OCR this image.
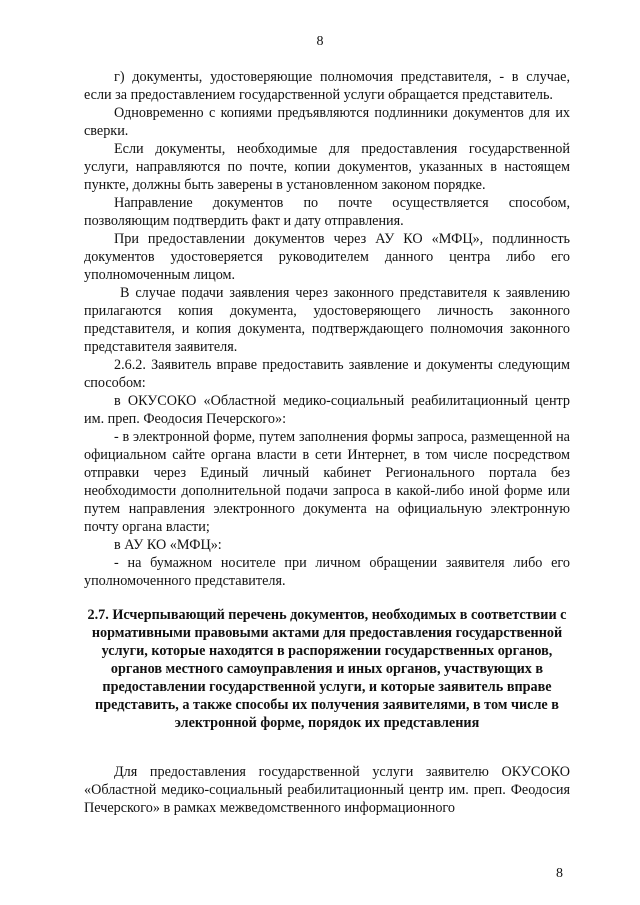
8

г) документы, удостоверяющие полномочия представителя, - в случае, если за предоставлением государственной услуги обращается представитель.

Одновременно с копиями предъявляются подлинники документов для их сверки.

Если документы, необходимые для предоставления государственной услуги, направляются по почте, копии документов, указанных в настоящем пункте, должны быть заверены в установленном законом порядке.

Направление документов по почте осуществляется способом, позволяющим подтвердить факт и дату отправления.

При предоставлении документов через АУ КО «МФЦ», подлинность документов удостоверяется руководителем данного центра либо его уполномоченным лицом.

В случае подачи заявления через законного представителя к заявлению прилагаются копия документа, удостоверяющего личность законного представителя, и копия документа, подтверждающего полномочия законного представителя заявителя.

2.6.2. Заявитель вправе предоставить заявление и документы следующим способом:

в ОКУСОКО «Областной медико-социальный реабилитационный центр им. преп. Феодосия Печерского»:

- в электронной форме, путем заполнения формы запроса, размещенной на официальном сайте органа власти в сети Интернет, в том числе посредством отправки через Единый личный кабинет Регионального портала без необходимости дополнительной подачи запроса в какой-либо иной форме или путем направления электронного документа на официальную электронную почту органа власти;

в АУ КО «МФЦ»:

- на бумажном носителе при личном обращении заявителя либо его уполномоченного представителя.

2.7. Исчерпывающий перечень документов, необходимых в соответствии с нормативными правовыми актами для предоставления государственной услуги, которые находятся в распоряжении государственных органов, органов местного самоуправления и иных органов, участвующих в предоставлении государственной услуги, и которые заявитель вправе представить, а также способы их получения заявителями, в том числе в электронной форме, порядок их представления

Для предоставления государственной услуги заявителю ОКУСОКО «Областной медико-социальный реабилитационный центр им. преп. Феодосия Печерского» в рамках межведомственного информационного

8
